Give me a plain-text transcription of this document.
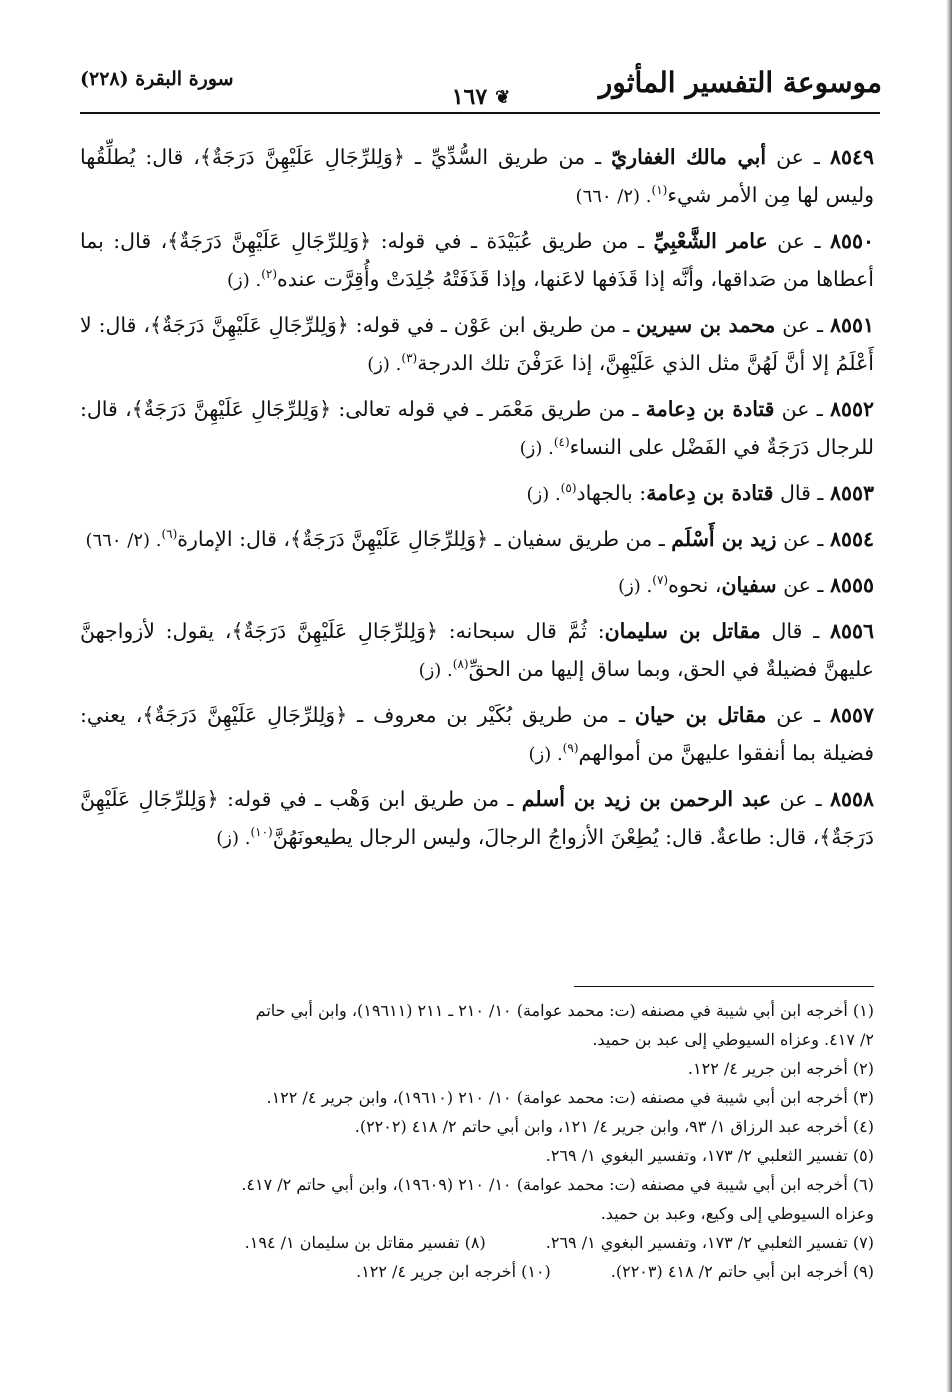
موسوعة التفسير المأثور
❦
١٦٧
سورة البقرة (٢٢٨)

٨٥٤٩ ـ عن أبي مالك الغفاريّ ـ من طريق السُّدِّيِّ ـ ﴿وَلِلرِّجَالِ عَلَيْهِنَّ دَرَجَةٌ﴾، قال: يُطلِّقُها وليس لها مِن الأمر شيء$^{(١)}$. (٢/ ٦٦٠)

٨٥٥٠ ـ عن عامر الشَّعْبِيِّ ـ من طريق عُبَيْدَة ـ في قوله: ﴿وَلِلرِّجَالِ عَلَيْهِنَّ دَرَجَةٌ﴾، قال: بما أعطاها من صَداقها، وأنَّه إذا قَذَفها لاعَنها، وإذا قَذَفَتْهُ جُلِدَتْ وأُقِرَّت عنده$^{(٢)}$. (ز)

٨٥٥١ ـ عن محمد بن سيرين ـ من طريق ابن عَوْن ـ في قوله: ﴿وَلِلرِّجَالِ عَلَيْهِنَّ دَرَجَةٌ﴾، قال: لا أَعْلَمُ إلا أنَّ لَهُنَّ مثل الذي عَلَيْهِنَّ، إذا عَرَفْنَ تلك الدرجة$^{(٣)}$. (ز)

٨٥٥٢ ـ عن قتادة بن دِعامة ـ من طريق مَعْمَر ـ في قوله تعالى: ﴿وَلِلرِّجَالِ عَلَيْهِنَّ دَرَجَةٌ﴾، قال: للرجال دَرَجَةٌ في الفَضْل على النساء$^{(٤)}$. (ز)

٨٥٥٣ ـ قال قتادة بن دِعامة: بالجهاد$^{(٥)}$. (ز)

٨٥٥٤ ـ عن زيد بن أَسْلَم ـ من طريق سفيان ـ ﴿وَلِلرِّجَالِ عَلَيْهِنَّ دَرَجَةٌ﴾، قال: الإمارة$^{(٦)}$. (٢/ ٦٦٠)

٨٥٥٥ ـ عن سفيان، نحوه$^{(٧)}$. (ز)

٨٥٥٦ ـ قال مقاتل بن سليمان: ثُمَّ قال سبحانه: ﴿وَلِلرِّجَالِ عَلَيْهِنَّ دَرَجَةٌ﴾، يقول: لأزواجهنَّ عليهنَّ فضيلةٌ في الحق، وبما ساق إليها من الحقِّ$^{(٨)}$. (ز)

٨٥٥٧ ـ عن مقاتل بن حيان ـ من طريق بُكَيْر بن معروف ـ ﴿وَلِلرِّجَالِ عَلَيْهِنَّ دَرَجَةٌ﴾، يعني: فضيلة بما أنفقوا عليهنَّ من أموالهم$^{(٩)}$. (ز)

٨٥٥٨ ـ عن عبد الرحمن بن زيد بن أسلم ـ من طريق ابن وَهْب ـ في قوله: ﴿وَلِلرِّجَالِ عَلَيْهِنَّ دَرَجَةٌ﴾، قال: طاعةٌ. قال: يُطِعْنَ الأزواجُ الرجالَ، وليس الرجال يطيعونَهُنَّ$^{(١٠)}$. (ز)

(١) أخرجه ابن أبي شيبة في مصنفه (ت: محمد عوامة) ١٠/ ٢١٠ ـ ٢١١ (١٩٦١١)، وابن أبي حاتم

٢/ ٤١٧. وعزاه السيوطي إلى عبد بن حميد.

(٢) أخرجه ابن جرير ٤/ ١٢٢.

(٣) أخرجه ابن أبي شيبة في مصنفه (ت: محمد عوامة) ١٠/ ٢١٠ (١٩٦١٠)، وابن جرير ٤/ ١٢٢.

(٤) أخرجه عبد الرزاق ١/ ٩٣، وابن جرير ٤/ ١٢١، وابن أبي حاتم ٢/ ٤١٨ (٢٢٠٢).

(٥) تفسير الثعلبي ٢/ ١٧٣، وتفسير البغوي ١/ ٢٦٩.

(٦) أخرجه ابن أبي شيبة في مصنفه (ت: محمد عوامة) ١٠/ ٢١٠ (١٩٦٠٩)، وابن أبي حاتم ٢/ ٤١٧.

وعزاه السيوطي إلى وكيع، وعبد بن حميد.

(٧) تفسير الثعلبي ٢/ ١٧٣، وتفسير البغوي ١/ ٢٦٩.
(٨) تفسير مقاتل بن سليمان ١/ ١٩٤.
(٩) أخرجه ابن أبي حاتم ٢/ ٤١٨ (٢٢٠٣).
(١٠) أخرجه ابن جرير ٤/ ١٢٢.
